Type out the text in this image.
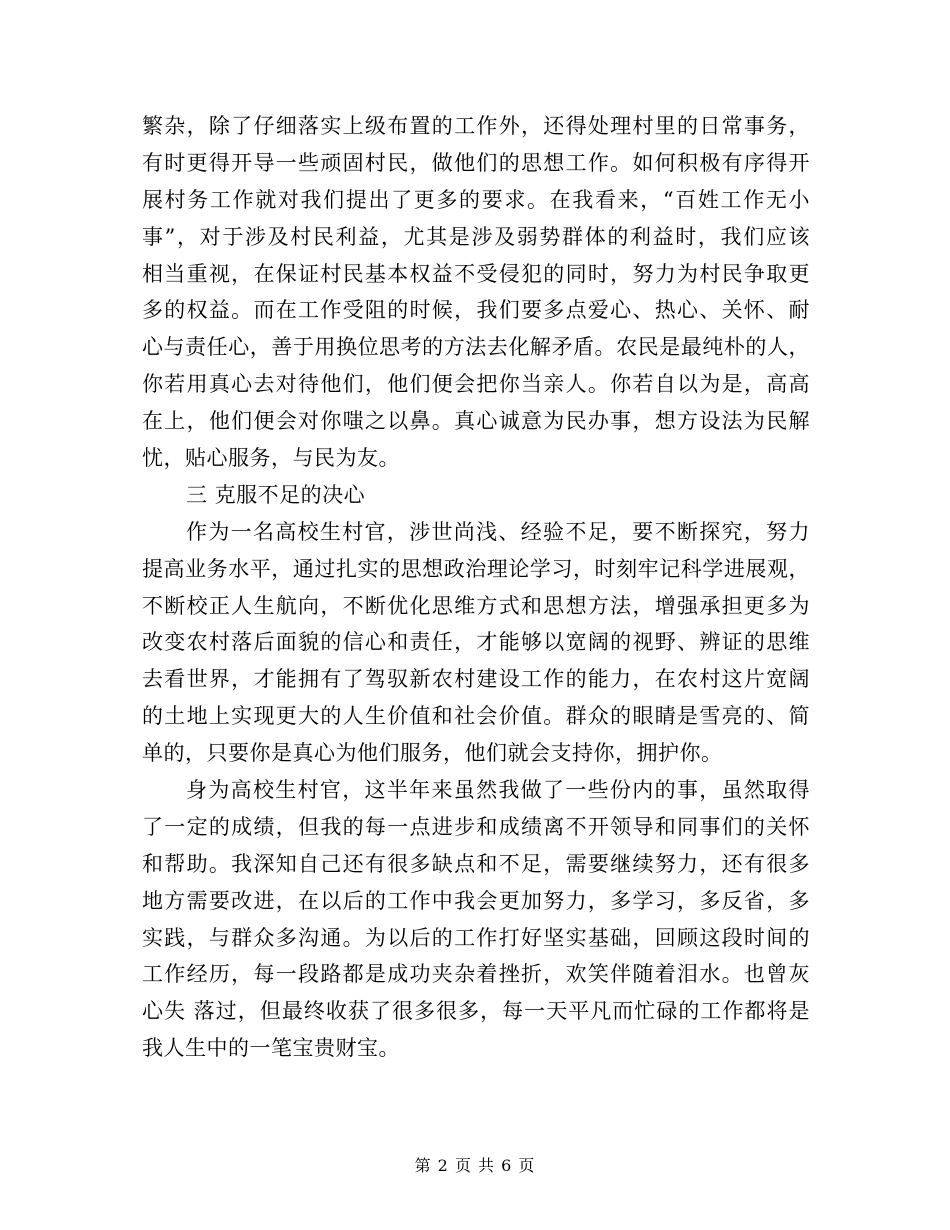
繁杂，除了仔细落实上级布置的工作外，还得处理村里的日常事务，
有时更得开导一些顽固村民，做他们的思想工作。如何积极有序得开
展村务工作就对我们提出了更多的要求。在我看来，“百姓工作无小
事”，对于涉及村民利益，尤其是涉及弱势群体的利益时，我们应该
相当重视，在保证村民基本权益不受侵犯的同时，努力为村民争取更
多的权益。而在工作受阻的时候，我们要多点爱心、热心、关怀、耐
心与责任心，善于用换位思考的方法去化解矛盾。农民是最纯朴的人，
你若用真心去对待他们，他们便会把你当亲人。你若自以为是，高高
在上，他们便会对你嗤之以鼻。真心诚意为民办事，想方设法为民解
忧，贴心服务，与民为友。
三 克服不足的决心
作为一名高校生村官，涉世尚浅、经验不足，要不断探究，努力
提高业务水平，通过扎实的思想政治理论学习，时刻牢记科学进展观，
不断校正人生航向，不断优化思维方式和思想方法，增强承担更多为
改变农村落后面貌的信心和责任，才能够以宽阔的视野、辨证的思维
去看世界，才能拥有了驾驭新农村建设工作的能力，在农村这片宽阔
的土地上实现更大的人生价值和社会价值。群众的眼睛是雪亮的、简
单的，只要你是真心为他们服务，他们就会支持你，拥护你。
身为高校生村官，这半年来虽然我做了一些份内的事，虽然取得
了一定的成绩，但我的每一点进步和成绩离不开领导和同事们的关怀
和帮助。我深知自己还有很多缺点和不足，需要继续努力，还有很多
地方需要改进，在以后的工作中我会更加努力，多学习，多反省，多
实践，与群众多沟通。为以后的工作打好坚实基础，回顾这段时间的
工作经历，每一段路都是成功夹杂着挫折，欢笑伴随着泪水。也曾灰
心失 落过，但最终收获了很多很多，每一天平凡而忙碌的工作都将是
我人生中的一笔宝贵财宝。
第 2 页 共 6 页
